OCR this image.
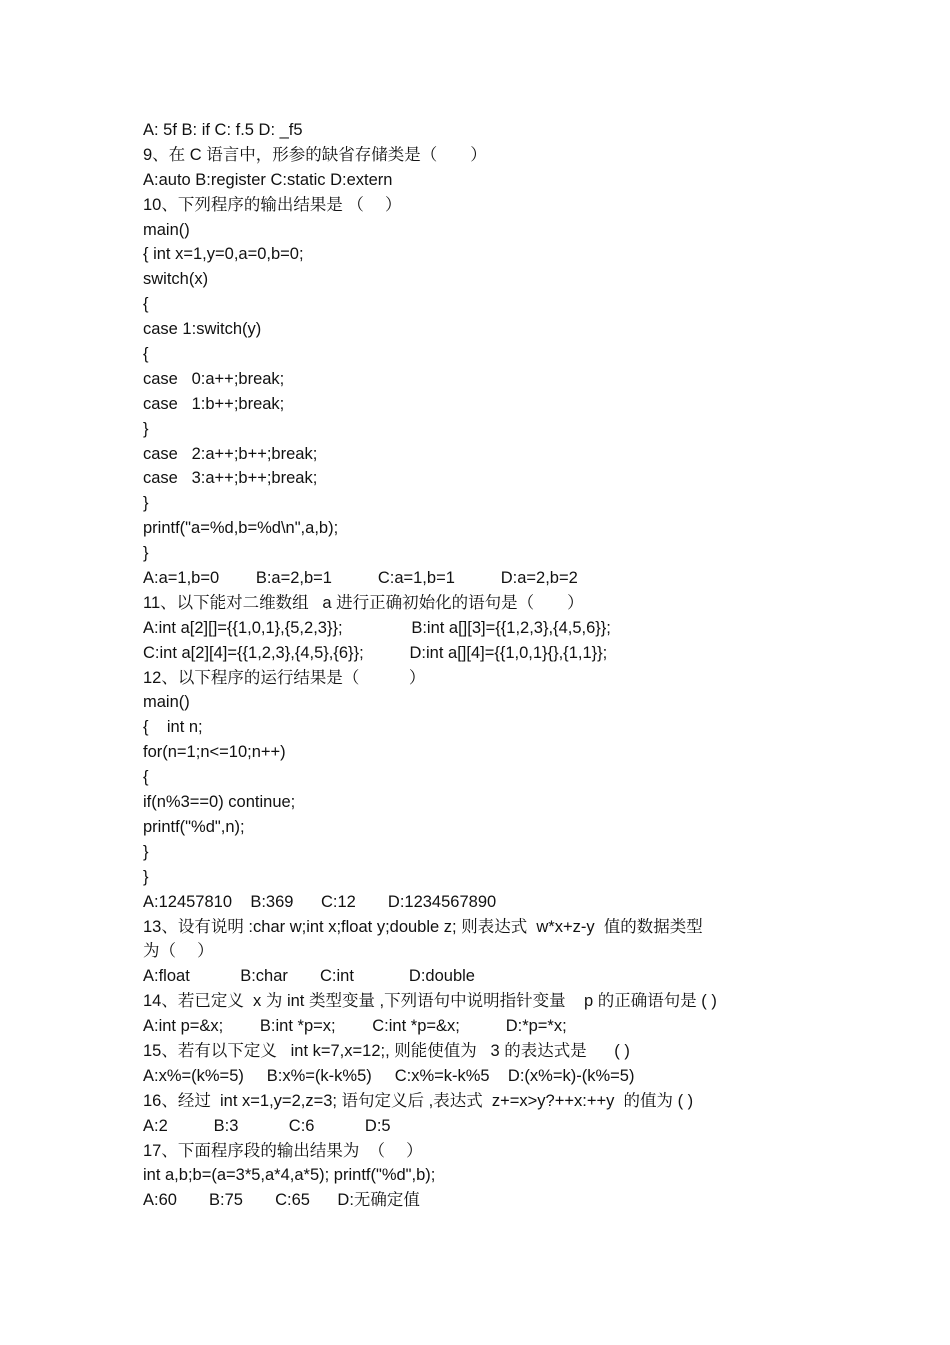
A: 5f B: if C: f.5 D: _f5
9、在 C 语言中，形参的缺省存储类是（　　）
A:auto B:register C:static D:extern
10、下列程序的输出结果是 （　 ）
main()
{ int x=1,y=0,a=0,b=0;
switch(x)
{
case 1:switch(y)
{
case   0:a++;break;
case   1:b++;break;
}
case   2:a++;b++;break;
case   3:a++;b++;break;
}
printf("a=%d,b=%d\n",a,b);
}
A:a=1,b=0        B:a=2,b=1          C:a=1,b=1          D:a=2,b=2
11、以下能对二维数组   a 进行正确初始化的语句是（　　）
A:int a[2][]={{1,0,1},{5,2,3}};               B:int a[][3]={{1,2,3},{4,5,6}};
C:int a[2][4]={{1,2,3},{4,5},{6}};          D:int a[][4]={{1,0,1}{},{1,1}};
12、以下程序的运行结果是（　　　）
main()
{    int n;
for(n=1;n<=10;n++)
{
if(n%3==0) continue;
printf("%d",n);
}
}
A:12457810    B:369      C:12       D:1234567890
13、设有说明 :char w;int x;float y;double z; 则表达式  w*x+z-y  值的数据类型
为（　 ）
A:float           B:char       C:int            D:double
14、若已定义  x 为 int 类型变量 ,下列语句中说明指针变量    p 的正确语句是 ( )
A:int p=&x;        B:int *p=x;        C:int *p=&x;          D:*p=*x;
15、若有以下定义   int k=7,x=12;, 则能使值为   3 的表达式是      ( )
A:x%=(k%=5)     B:x%=(k-k%5)     C:x%=k-k%5    D:(x%=k)-(k%=5)
16、经过  int x=1,y=2,z=3; 语句定义后 ,表达式  z+=x>y?++x:++y  的值为 ( )
A:2          B:3           C:6           D:5
17、下面程序段的输出结果为  （　 ）
int a,b;b=(a=3*5,a*4,a*5); printf("%d",b);
A:60       B:75       C:65      D:无确定值
